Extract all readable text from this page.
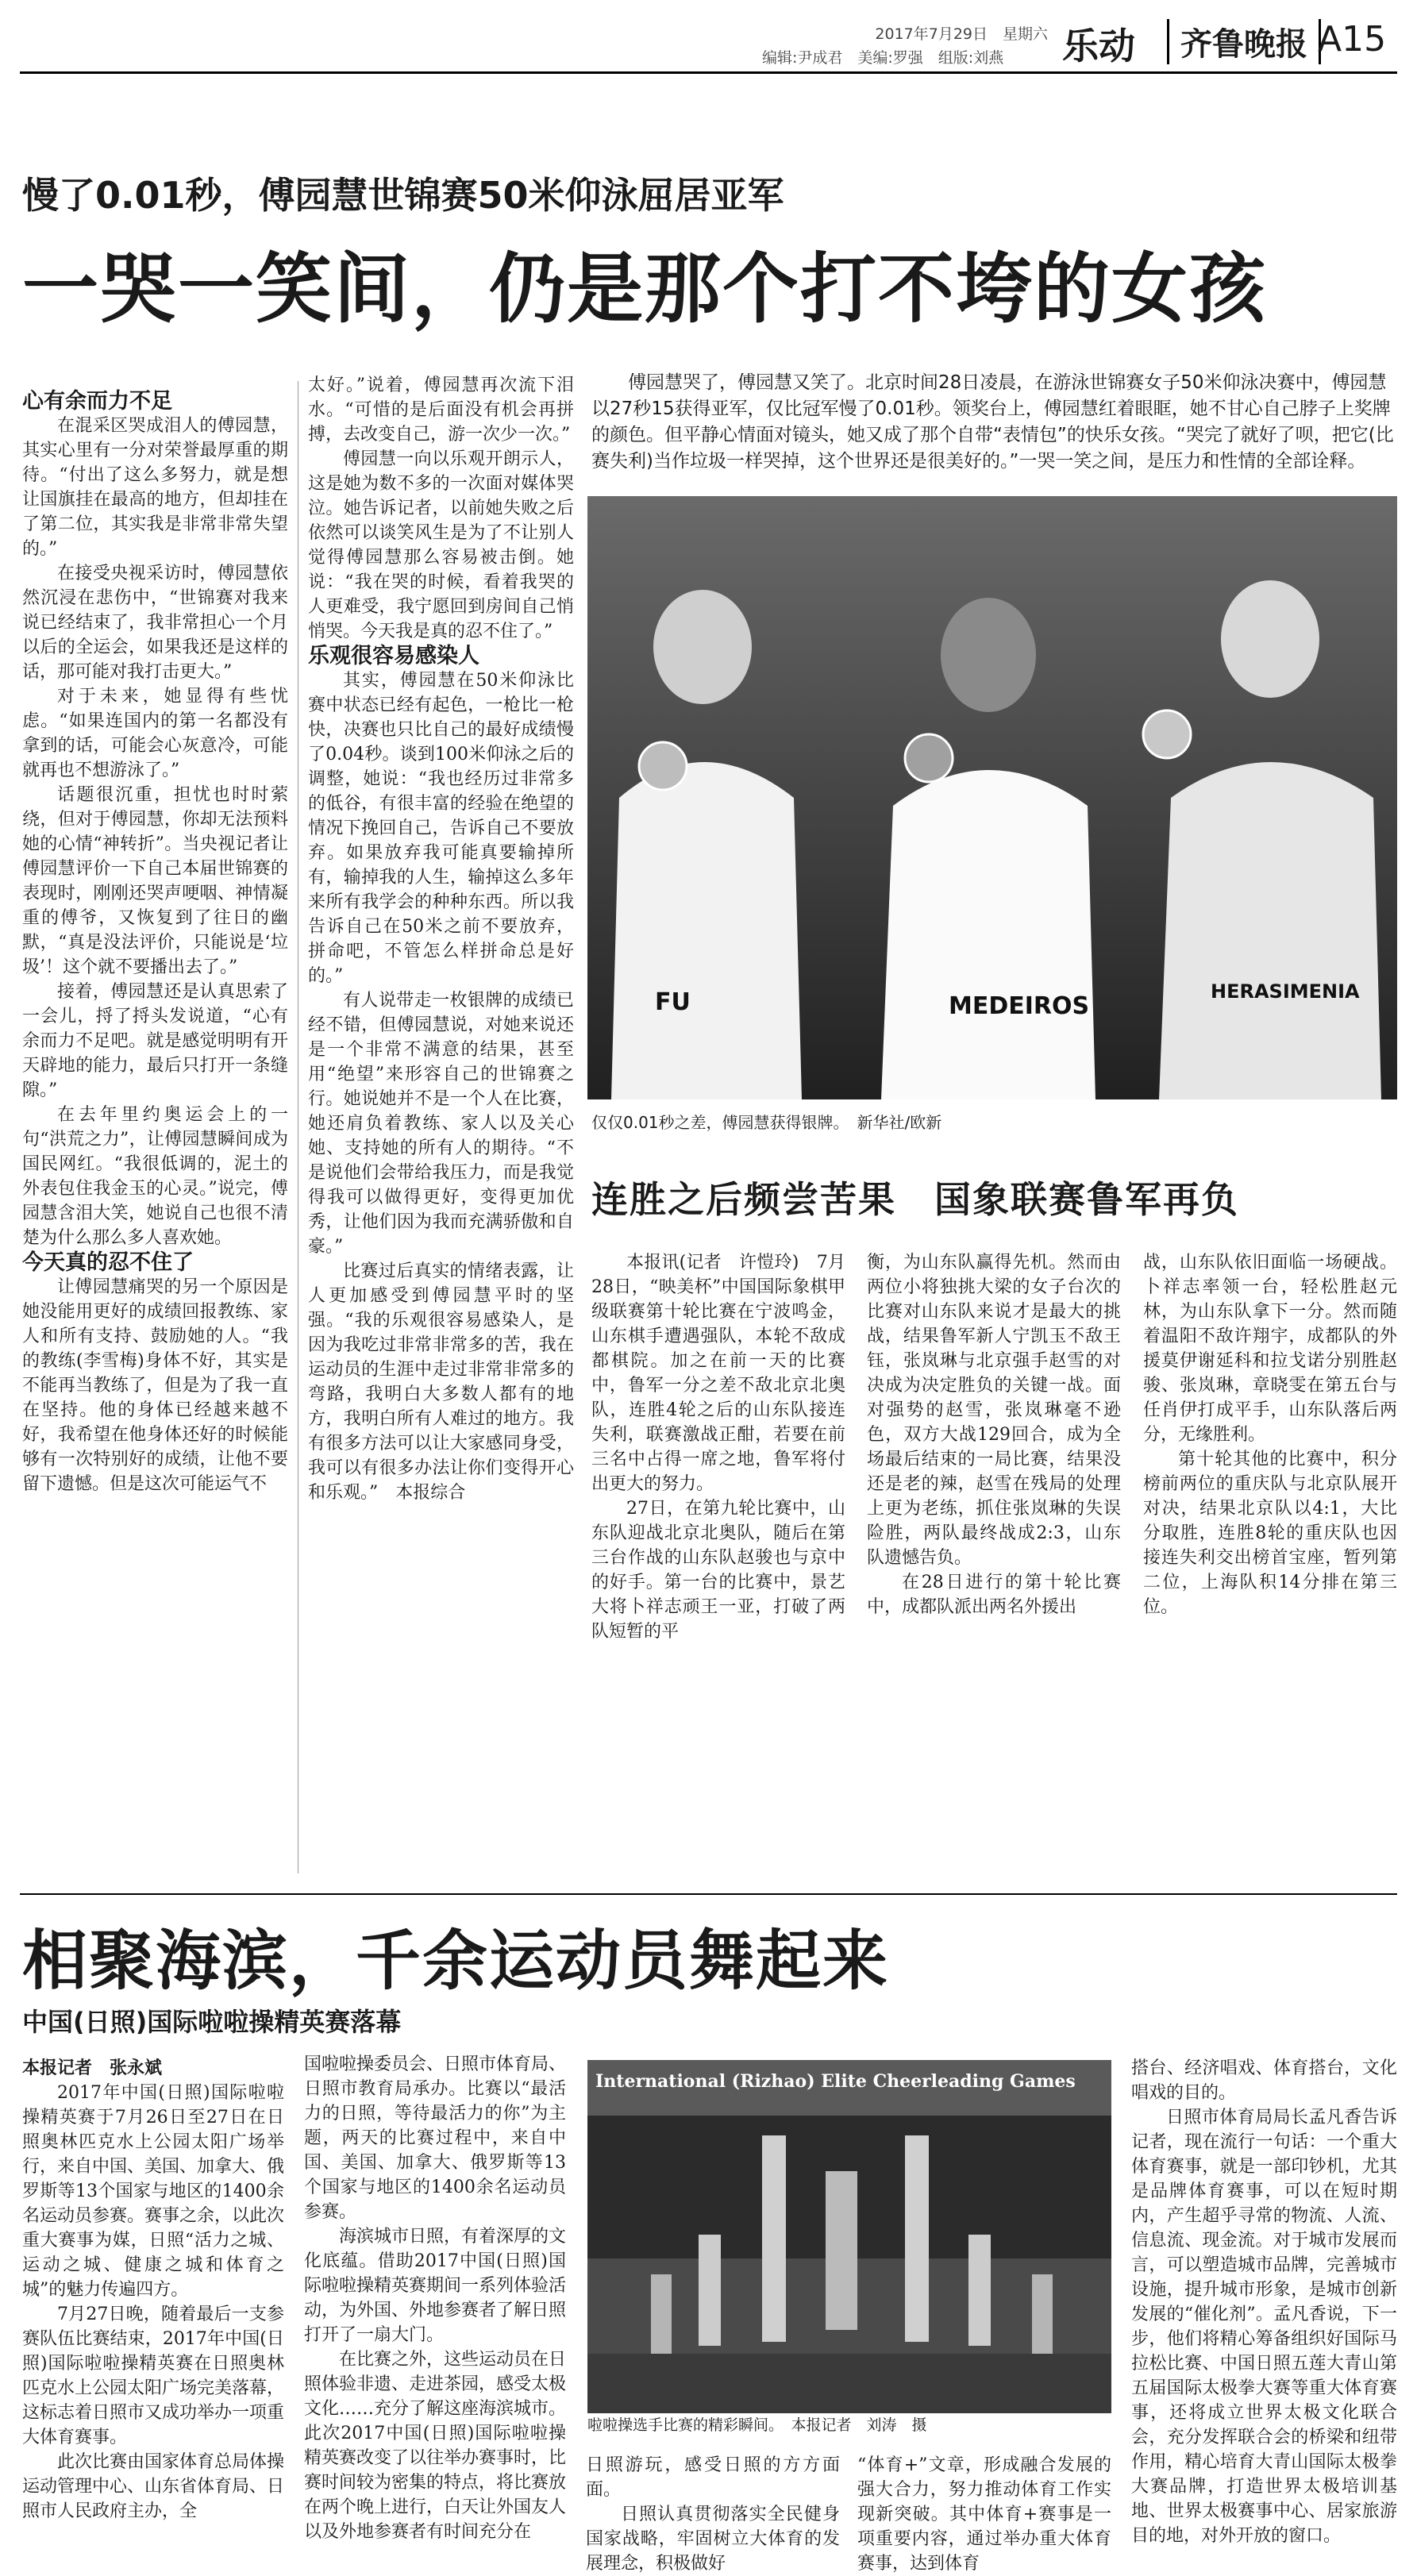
2017年7月29日　星期六
编辑:尹成君　美编:罗强　组版:刘燕	乐动	齐鲁晚报 A15
慢了0.01秒，傅园慧世锦赛50米仰泳屈居亚军
一哭一笑间，仍是那个打不垮的女孩

心有余而力不足

在混采区哭成泪人的傅园慧，其实心里有一分对荣誉最厚重的期待。“付出了这么多努力，就是想让国旗挂在最高的地方，但却挂在了第二位，其实我是非常非常失望的。”

在接受央视采访时，傅园慧依然沉浸在悲伤中，“世锦赛对我来说已经结束了，我非常担心一个月以后的全运会，如果我还是这样的话，那可能对我打击更大。”

对于未来，她显得有些忧虑。“如果连国内的第一名都没有拿到的话，可能会心灰意冷，可能就再也不想游泳了。”

话题很沉重，担忧也时时萦绕，但对于傅园慧，你却无法预料她的心情“神转折”。当央视记者让傅园慧评价一下自己本届世锦赛的表现时，刚刚还哭声哽咽、神情凝重的傅爷，又恢复到了往日的幽默，“真是没法评价，只能说是‘垃圾’！这个就不要播出去了。”

接着，傅园慧还是认真思索了一会儿，捋了捋头发说道，“心有余而力不足吧。就是感觉明明有开天辟地的能力，最后只打开一条缝隙。”

在去年里约奥运会上的一句“洪荒之力”，让傅园慧瞬间成为国民网红。“我很低调的，泥土的外表包住我金玉的心灵。”说完，傅园慧含泪大笑，她说自己也很不清楚为什么那么多人喜欢她。

今天真的忍不住了

让傅园慧痛哭的另一个原因是她没能用更好的成绩回报教练、家人和所有支持、鼓励她的人。“我的教练(李雪梅)身体不好，其实是不能再当教练了，但是为了我一直在坚持。他的身体已经越来越不好，我希望在他身体还好的时候能够有一次特别好的成绩，让他不要留下遗憾。但是这次可能运气不

太好。”说着，傅园慧再次流下泪水。“可惜的是后面没有机会再拼搏，去改变自己，游一次少一次。”

傅园慧一向以乐观开朗示人，这是她为数不多的一次面对媒体哭泣。她告诉记者，以前她失败之后依然可以谈笑风生是为了不让别人觉得傅园慧那么容易被击倒。她说：“我在哭的时候，看着我哭的人更难受，我宁愿回到房间自己悄悄哭。今天我是真的忍不住了。”

乐观很容易感染人

其实，傅园慧在50米仰泳比赛中状态已经有起色，一枪比一枪快，决赛也只比自己的最好成绩慢了0.04秒。谈到100米仰泳之后的调整，她说：“我也经历过非常多的低谷，有很丰富的经验在绝望的情况下挽回自己，告诉自己不要放弃。如果放弃我可能真要输掉所有，输掉我的人生，输掉这么多年来所有我学会的种种东西。所以我告诉自己在50米之前不要放弃，拼命吧，不管怎么样拼命总是好的。”

有人说带走一枚银牌的成绩已经不错，但傅园慧说，对她来说还是一个非常不满意的结果，甚至用“绝望”来形容自己的世锦赛之行。她说她并不是一个人在比赛，她还肩负着教练、家人以及关心她、支持她的所有人的期待。“不是说他们会带给我压力，而是我觉得我可以做得更好，变得更加优秀，让他们因为我而充满骄傲和自豪。”

比赛过后真实的情绪表露，让人更加感受到傅园慧平时的坚强。“我的乐观很容易感染人，是因为我吃过非常非常多的苦，我在运动员的生涯中走过非常非常多的弯路，我明白大多数人都有的地方，我明白所有人难过的地方。我有很多方法可以让大家感同身受，我可以有很多办法让你们变得开心和乐观。”　本报综合

傅园慧哭了，傅园慧又笑了。北京时间28日凌晨，在游泳世锦赛女子50米仰泳决赛中，傅园慧以27秒15获得亚军，仅比冠军慢了0.01秒。领奖台上，傅园慧红着眼眶，她不甘心自己脖子上奖牌的颜色。但平静心情面对镜头，她又成了那个自带“表情包”的快乐女孩。“哭完了就好了呗，把它(比赛失利)当作垃圾一样哭掉，这个世界还是很美好的。”一哭一笑之间，是压力和性情的全部诠释。
FU	MEDEIROS
HERASIMENIA
仅仅0.01秒之差，傅园慧获得银牌。　新华社/欧新
连胜之后频尝苦果　国象联赛鲁军再负

本报讯(记者　许愷玲)　7月28日，“映美杯”中国国际象棋甲级联赛第十轮比赛在宁波鸣金，山东棋手遭遇强队，本轮不敌成都棋院。加之在前一天的比赛中，鲁军一分之差不敌北京北奥队，连胜4轮之后的山东队接连失利，联赛激战正酣，若要在前三名中占得一席之地，鲁军将付出更大的努力。

27日，在第九轮比赛中，山东队迎战北京北奥队，随后在第三台作战的山东队赵骏也与京中的好手。第一台的比赛中，景艺大将卜祥志顽王一亚，打破了两队短暂的平

衡，为山东队赢得先机。然而由两位小将独挑大梁的女子台次的比赛对山东队来说才是最大的挑战，结果鲁军新人宁凯玉不敌王钰，张岚琳与北京强手赵雪的对决成为决定胜负的关键一战。面对强势的赵雪，张岚琳毫不逊色，双方大战129回合，成为全场最后结束的一局比赛，结果没还是老的辣，赵雪在残局的处理上更为老练，抓住张岚琳的失误险胜，两队最终战成2:3，山东队遗憾告负。

在28日进行的第十轮比赛中，成都队派出两名外援出

战，山东队依旧面临一场硬战。卜祥志率领一台，轻松胜赵元林，为山东队拿下一分。然而随着温阳不敌许翔宇，成都队的外援莫伊谢延科和拉戈诺分别胜赵骏、张岚琳，章晓雯在第五台与任肖伊打成平手，山东队落后两分，无缘胜利。

第十轮其他的比赛中，积分榜前两位的重庆队与北京队展开对决，结果北京队以4:1，大比分取胜，连胜8轮的重庆队也因接连失利交出榜首宝座，暂列第二位，上海队积14分排在第三位。

相聚海滨，千余运动员舞起来
中国(日照)国际啦啦操精英赛落幕

本报记者　张永斌

2017年中国(日照)国际啦啦操精英赛于7月26日至27日在日照奥林匹克水上公园太阳广场举行，来自中国、美国、加拿大、俄罗斯等13个国家与地区的1400余名运动员参赛。赛事之余，以此次重大赛事为媒，日照“活力之城、运动之城、健康之城和体育之城”的魅力传遍四方。

7月27日晚，随着最后一支参赛队伍比赛结束，2017年中国(日照)国际啦啦操精英赛在日照奥林匹克水上公园太阳广场完美落幕，这标志着日照市又成功举办一项重大体育赛事。

此次比赛由国家体育总局体操运动管理中心、山东省体育局、日照市人民政府主办，全

国啦啦操委员会、日照市体育局、日照市教育局承办。比赛以“最活力的日照，等待最活力的你”为主题，两天的比赛过程中，来自中国、美国、加拿大、俄罗斯等13个国家与地区的1400余名运动员参赛。

海滨城市日照，有着深厚的文化底蕴。借助2017中国(日照)国际啦啦操精英赛期间一系列体验活动，为外国、外地参赛者了解日照打开了一扇大门。

在比赛之外，这些运动员在日照体验非遗、走进茶园，感受太极文化……充分了解这座海滨城市。此次2017中国(日照)国际啦啦操精英赛改变了以往举办赛事时，比赛时间较为密集的特点，将比赛放在两个晚上进行，白天让外国友人以及外地参赛者有时间充分在

International (Rizhao) Elite Cheerleading Games
啦啦操选手比赛的精彩瞬间。　本报记者　刘涛　摄

日照游玩，感受日照的方方面面。

日照认真贯彻落实全民健身国家战略，牢固树立大体育的发展理念，积极做好

“体育+”文章，形成融合发展的强大合力，努力推动体育工作实现新突破。其中体育+赛事是一项重要内容，通过举办重大体育赛事，达到体育

搭台、经济唱戏、体育搭台，文化唱戏的目的。

日照市体育局局长孟凡香告诉记者，现在流行一句话：一个重大体育赛事，就是一部印钞机，尤其是品牌体育赛事，可以在短时期内，产生超乎寻常的物流、人流、信息流、现金流。对于城市发展而言，可以塑造城市品牌，完善城市设施，提升城市形象，是城市创新发展的“催化剂”。孟凡香说，下一步，他们将精心筹备组织好国际马拉松比赛、中国日照五莲大青山第五届国际太极拳大赛等重大体育赛事，还将成立世界太极文化联合会，充分发挥联合会的桥梁和纽带作用，精心培育大青山国际太极拳大赛品牌，打造世界太极培训基地、世界太极赛事中心、居家旅游目的地，对外开放的窗口。
